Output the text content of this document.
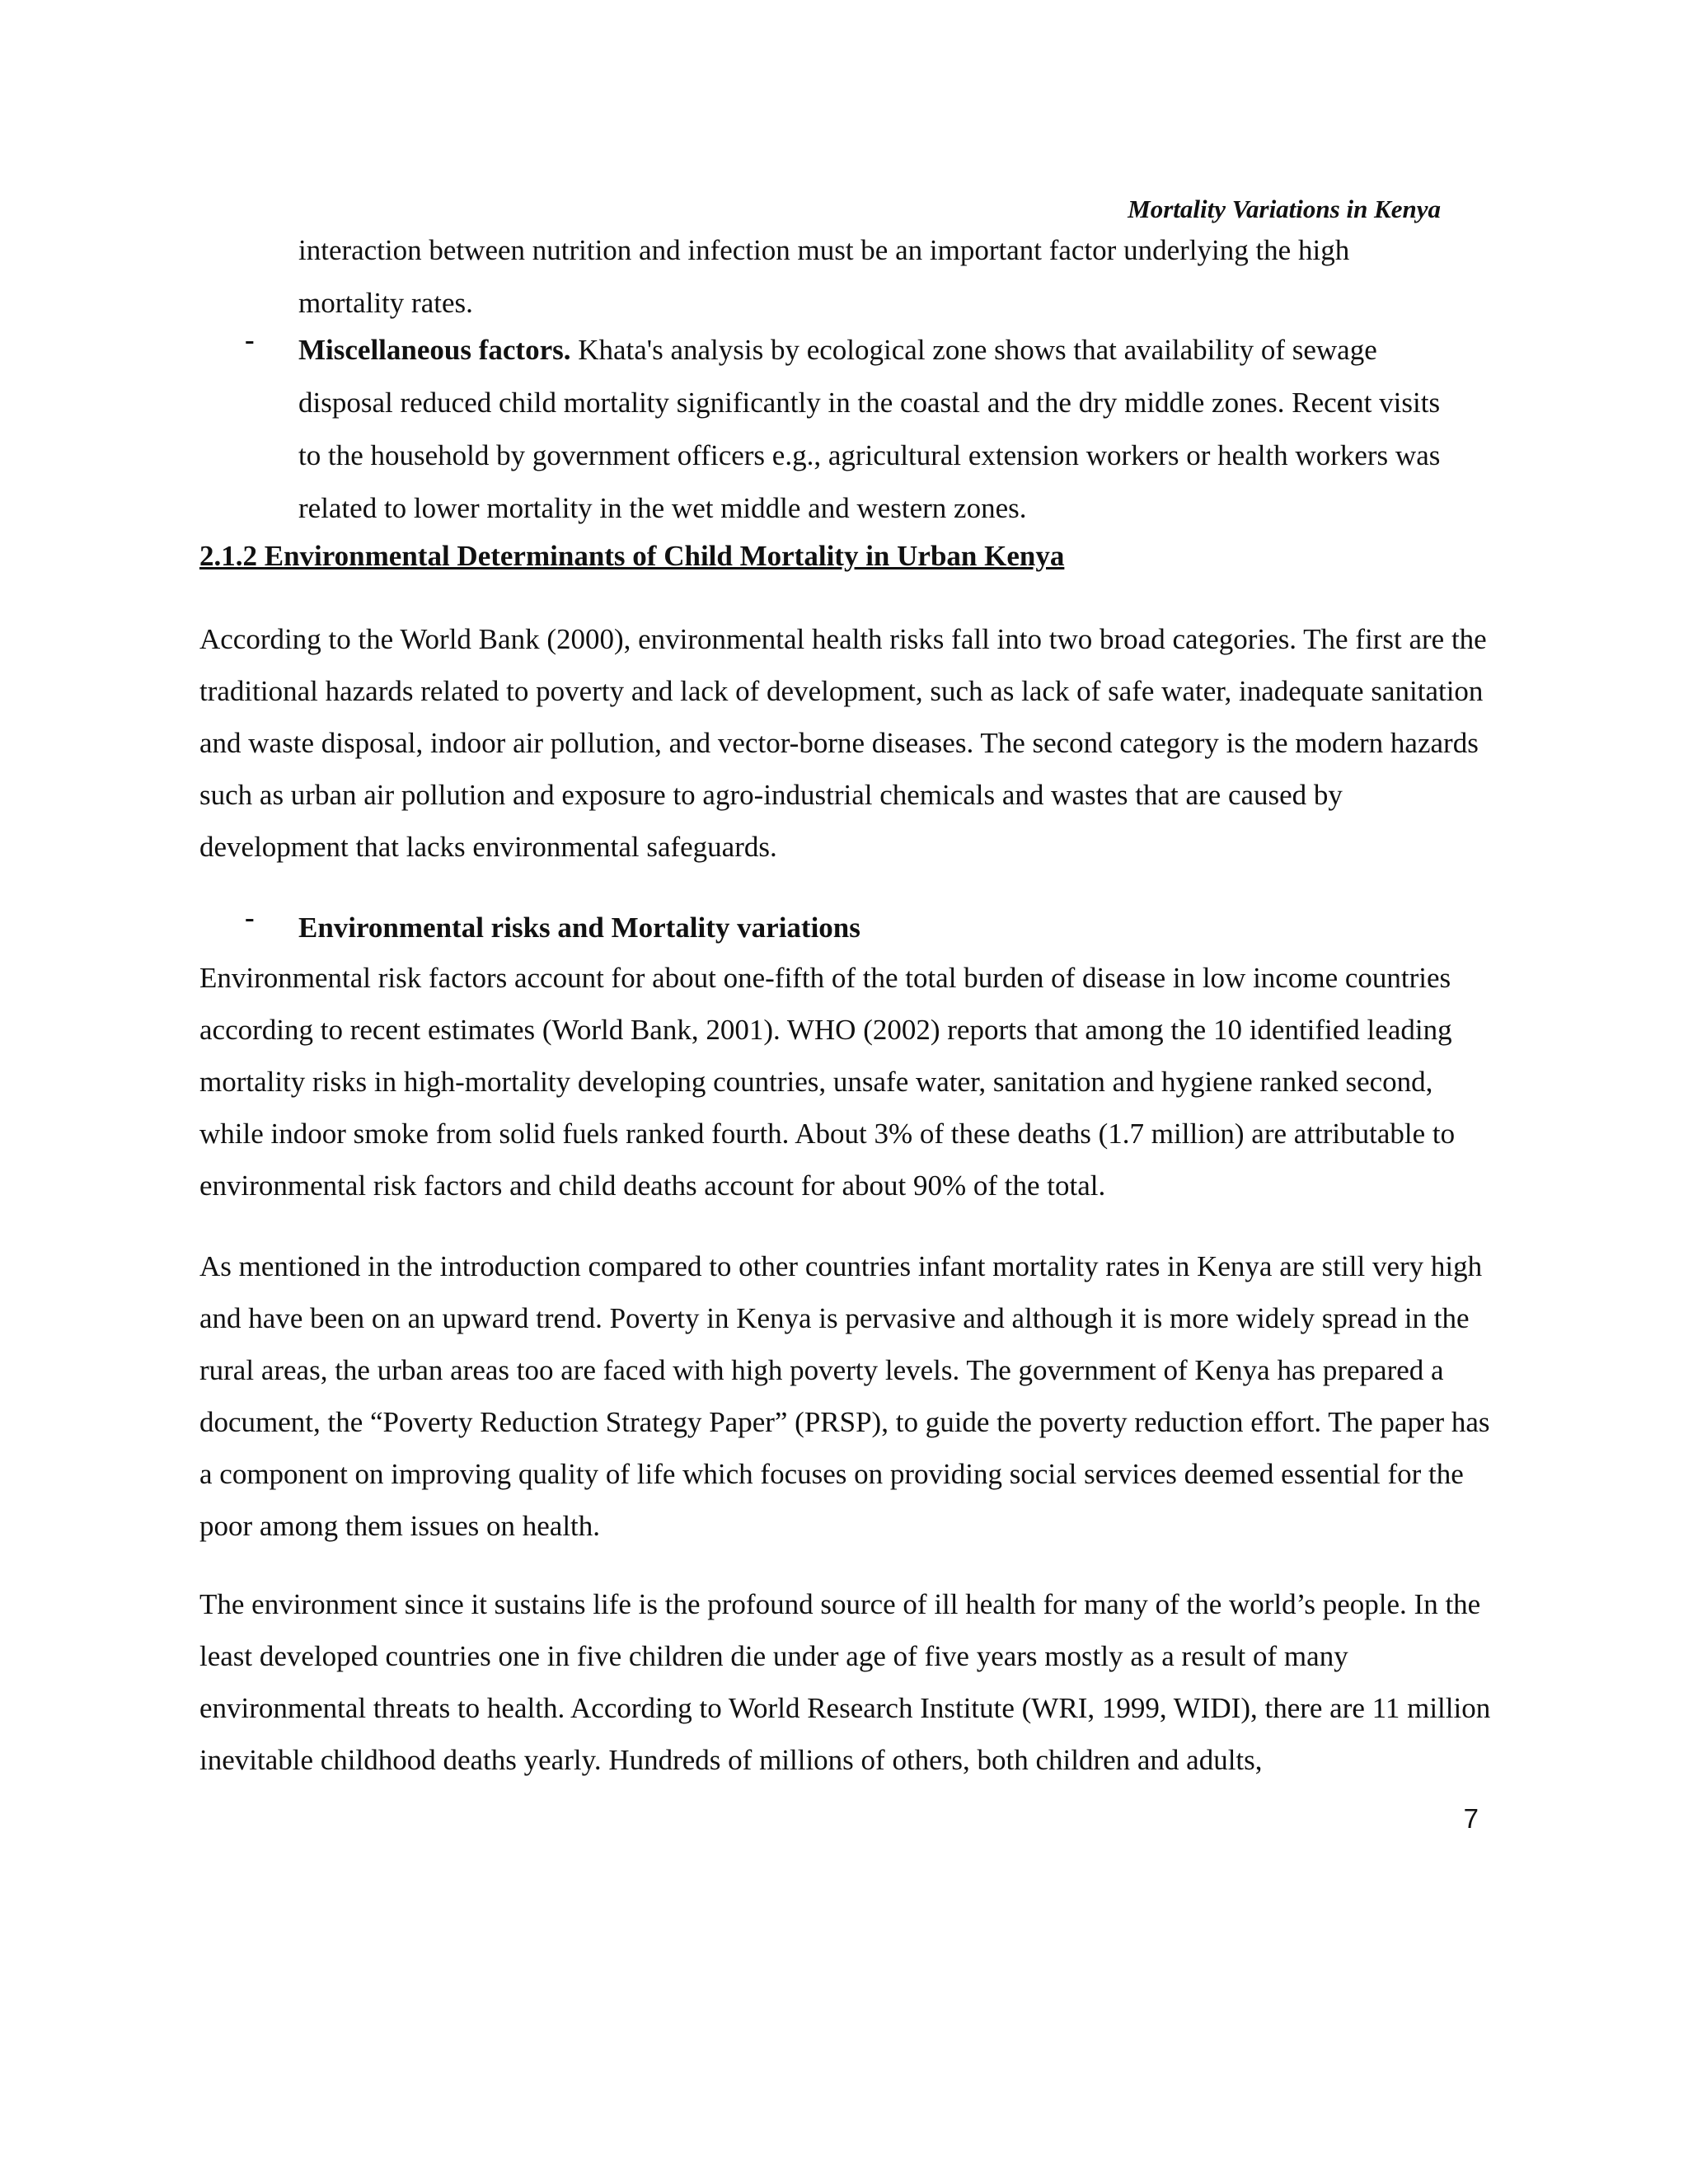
Mortality Variations in Kenya
interaction between nutrition and infection must be an important factor underlying the high mortality rates.
- Miscellaneous factors. Khata's analysis by ecological zone shows that availability of sewage disposal reduced child mortality significantly in the coastal and the dry middle zones. Recent visits to the household by government officers e.g., agricultural extension workers or health workers was related to lower mortality in the wet middle and western zones.
2.1.2 Environmental Determinants of Child Mortality in Urban Kenya

According to the World Bank (2000), environmental health risks fall into two broad categories. The first are the traditional hazards related to poverty and lack of development, such as lack of safe water, inadequate sanitation and waste disposal, indoor air pollution, and vector-borne diseases. The second category is the modern hazards such as urban air pollution and exposure to agro-industrial chemicals and wastes that are caused by development that lacks environmental safeguards.

- Environmental risks and Mortality variations

Environmental risk factors account for about one-fifth of the total burden of disease in low income countries according to recent estimates (World Bank, 2001). WHO (2002) reports that among the 10 identified leading mortality risks in high-mortality developing countries, unsafe water, sanitation and hygiene ranked second, while indoor smoke from solid fuels ranked fourth. About 3% of these deaths (1.7 million) are attributable to environmental risk factors and child deaths account for about 90% of the total.

As mentioned in the introduction compared to other countries infant mortality rates in Kenya are still very high and have been on an upward trend. Poverty in Kenya is pervasive and although it is more widely spread in the rural areas, the urban areas too are faced with high poverty levels. The government of Kenya has prepared a document, the “Poverty Reduction Strategy Paper” (PRSP), to guide the poverty reduction effort. The paper has a component on improving quality of life which focuses on providing social services deemed essential for the poor among them issues on health.

The environment since it sustains life is the profound source of ill health for many of the world’s people. In the least developed countries one in five children die under age of five years mostly as a result of many environmental threats to health. According to World Research Institute (WRI, 1999, WIDI), there are 11 million inevitable childhood deaths yearly. Hundreds of millions of others, both children and adults,

7
